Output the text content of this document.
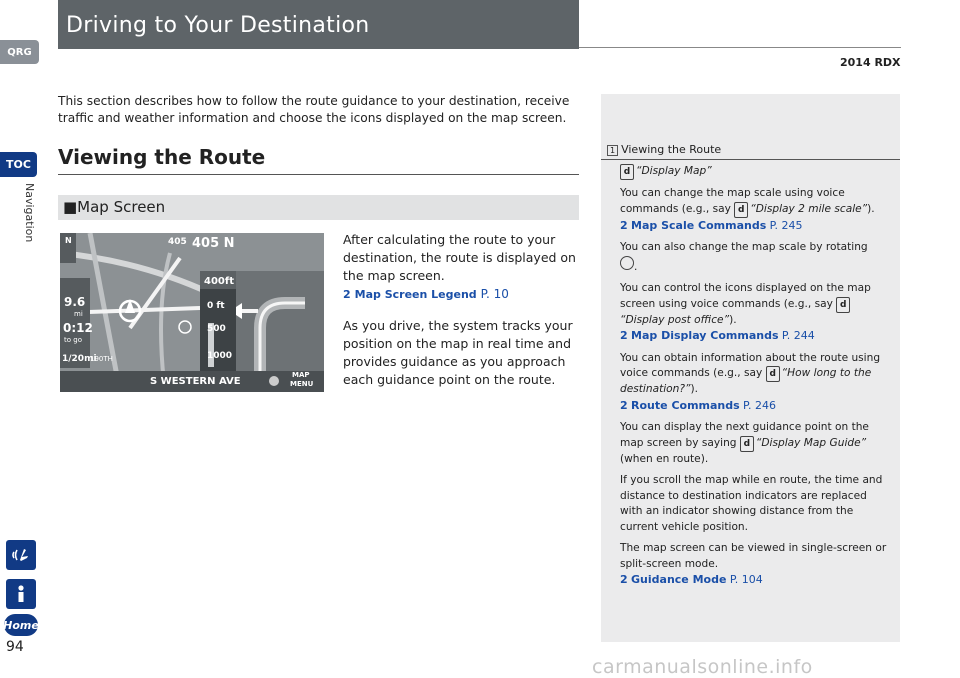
Driving to Your Destination
2014 RDX
QRG
TOC
Navigation
Home
94
This section describes how to follow the route guidance to your destination, receive traffic and weather information and choose the icons displayed on the map screen.
Viewing the Route
■Map Screen
N	405 405 N
9.6
mi
0:12
to go
1/20mi
190TH
400ft
0 ft
500
1000
S WESTERN AVE
MAP
MENU
After calculating the route to your destination, the route is displayed on the map screen.
2 Map Screen Legend P. 10
As you drive, the system tracks your position on the map in real time and provides guidance as you approach each guidance point on the route.
1 Viewing the Route

d “Display Map”

You can change the map scale using voice commands (e.g., say d “Display 2 mile scale”).
2 Map Scale Commands P. 245

You can also change the map scale by rotating
.

You can control the icons displayed on the map screen using voice commands (e.g., say d“Display post office”).
2 Map Display Commands P. 244

You can obtain information about the route using voice commands (e.g., say d “How long to the destination?”).
2 Route Commands P. 246

You can display the next guidance point on the map screen by saying d “Display Map Guide” (when en route).

If you scroll the map while en route, the time and distance to destination indicators are replaced with an indicator showing distance from the current vehicle position.

The map screen can be viewed in single-screen or split-screen mode.
2 Guidance Mode P. 104

carmanualsonline.info
